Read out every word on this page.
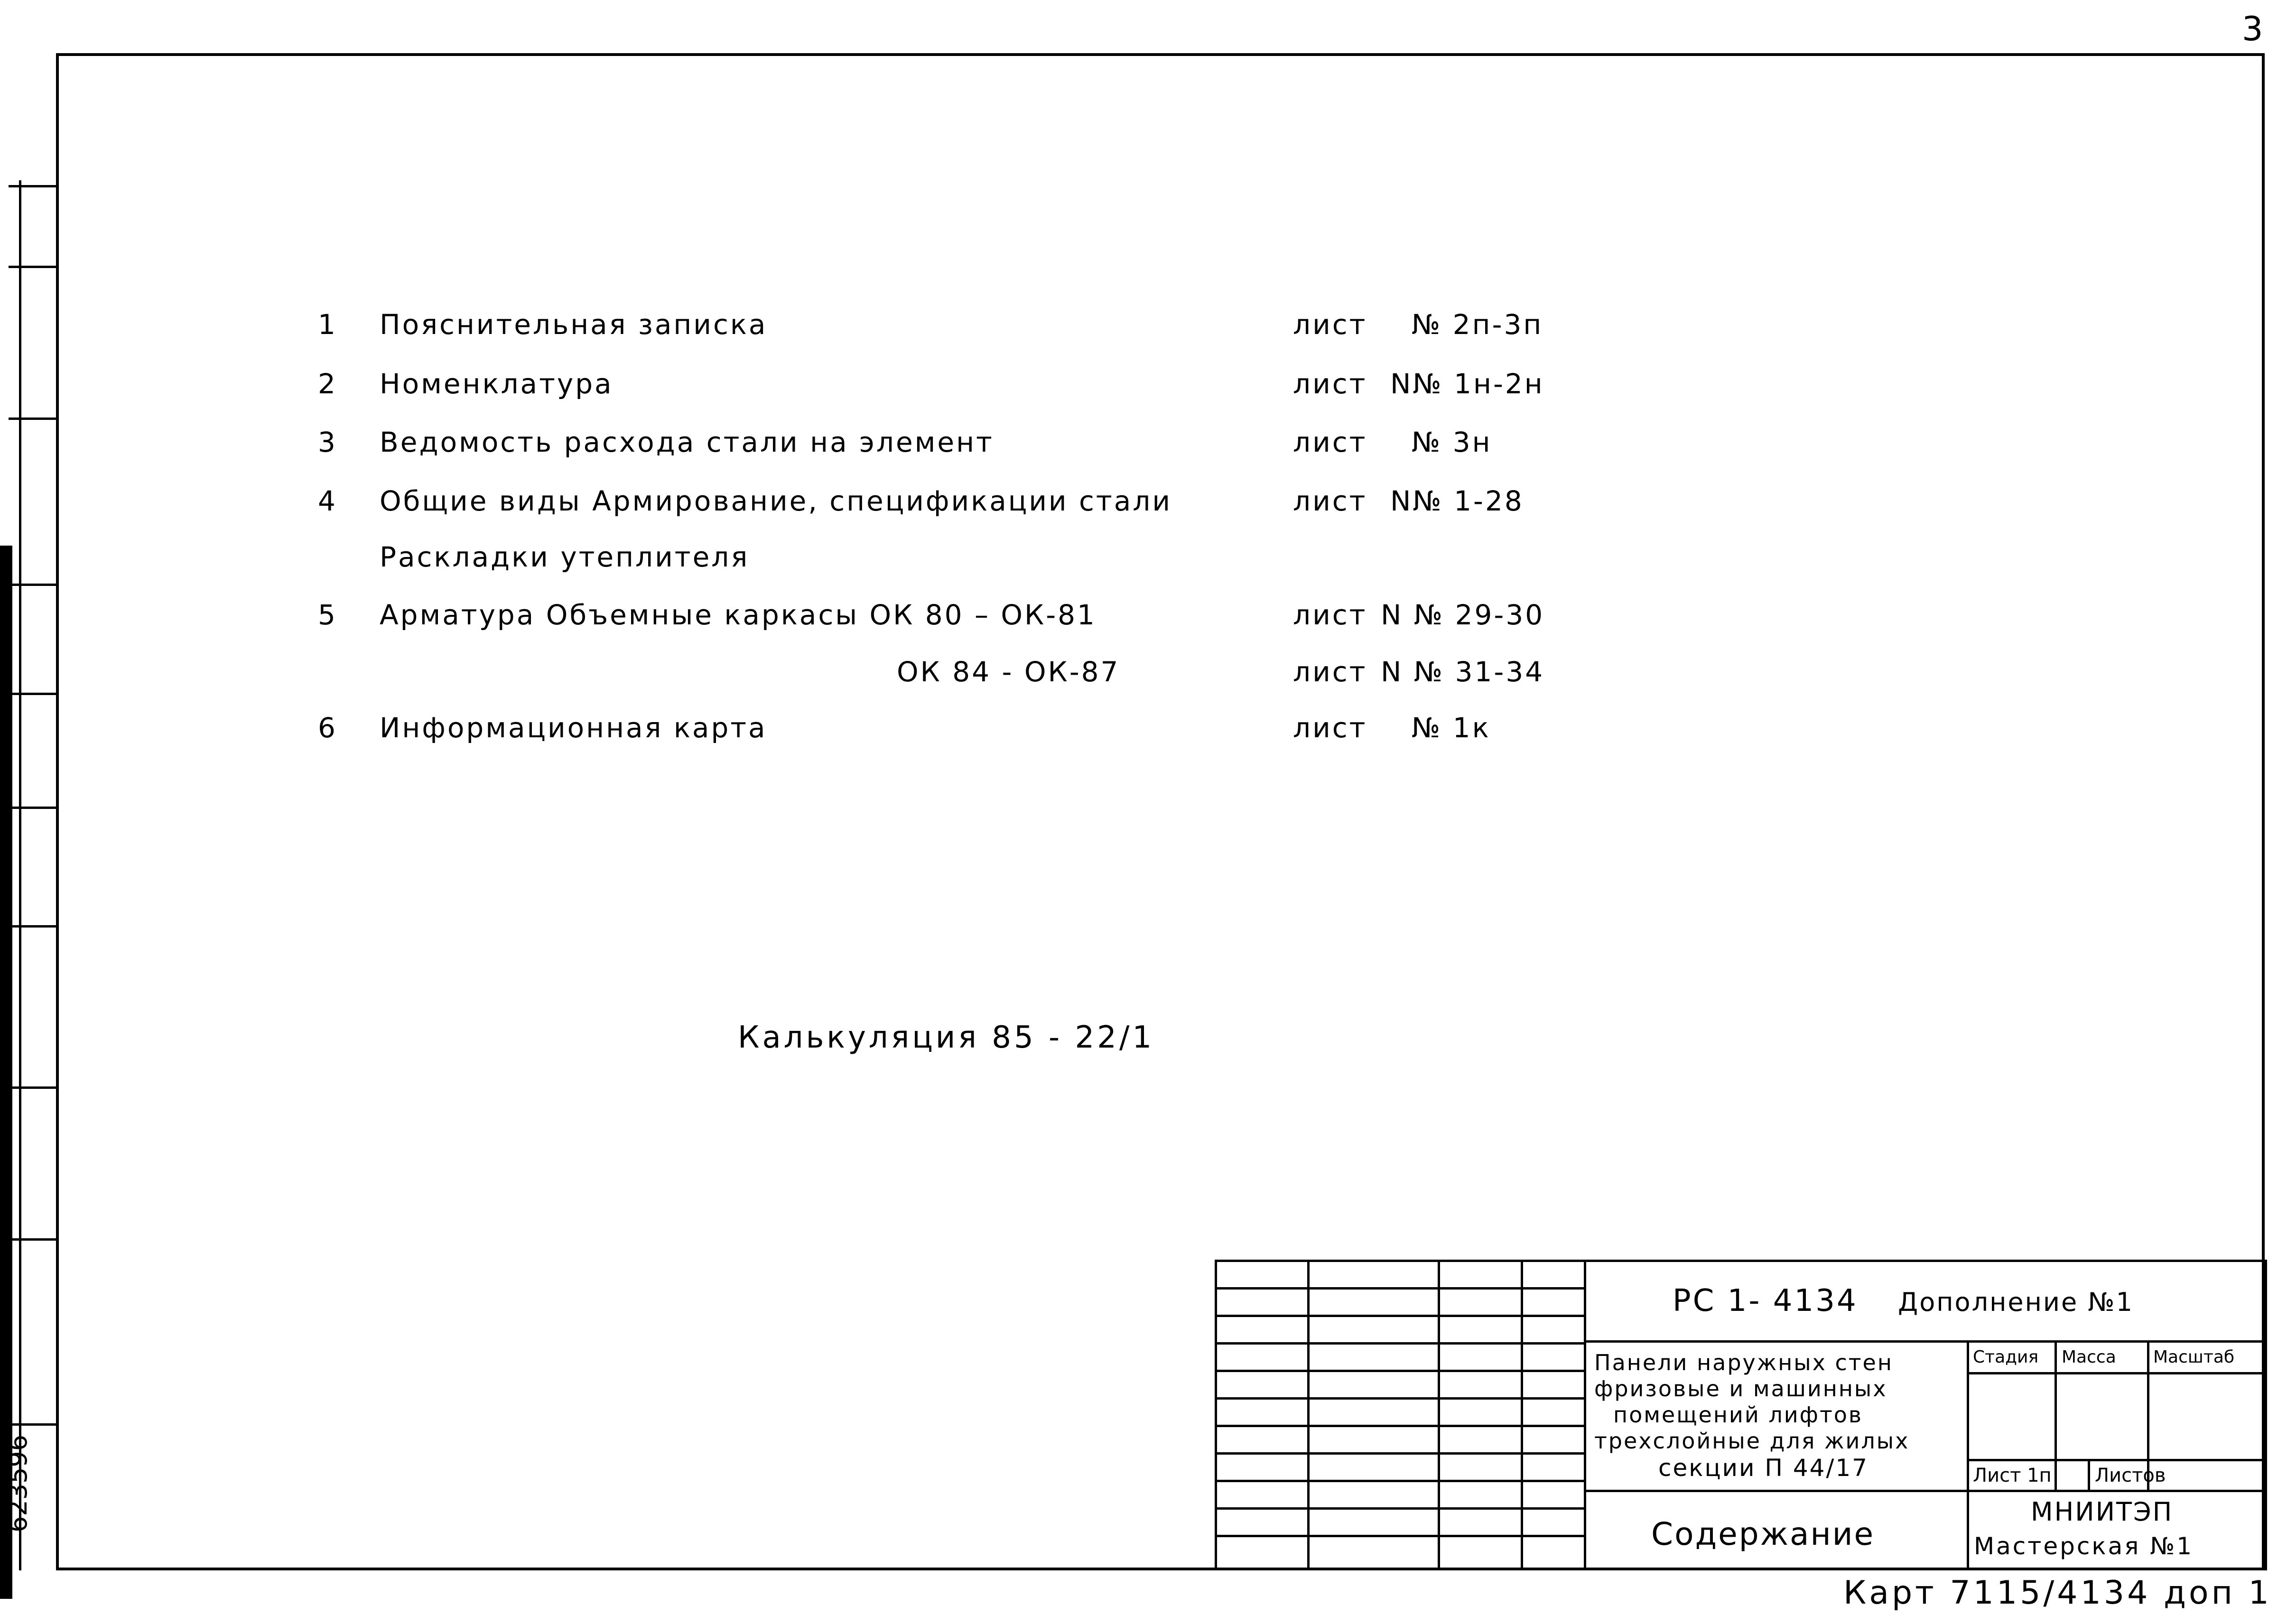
3
623596
1 Пояснительная записка	лист № 2п-3п
2 Номенклатура	лист N№ 1н-2н
3 Ведомость расхода стали на элемент	лист № 3н
4 Общие виды Армирование, спецификации стали	лист N№ 1-28
Раскладки утеплителя
5 Арматура Объемные каркасы ОК 80 – ОК-81	лист N № 29-30
ОК 84 - ОК-87	лист N № 31-34
6 Информационная карта	лист № 1к
Калькуляция 85 - 22/1
РС 1- 4134 Дополнение №1
Панели наружных стен
фризовые и машинных
помещений лифтов
трехслойные для жилых
секции П 44/17
Стадия Масса Масштаб
Лист 1п Листов
Содержание
МНИИТЭП
Мастерская №1
Карт 7115/4134 доп 1
